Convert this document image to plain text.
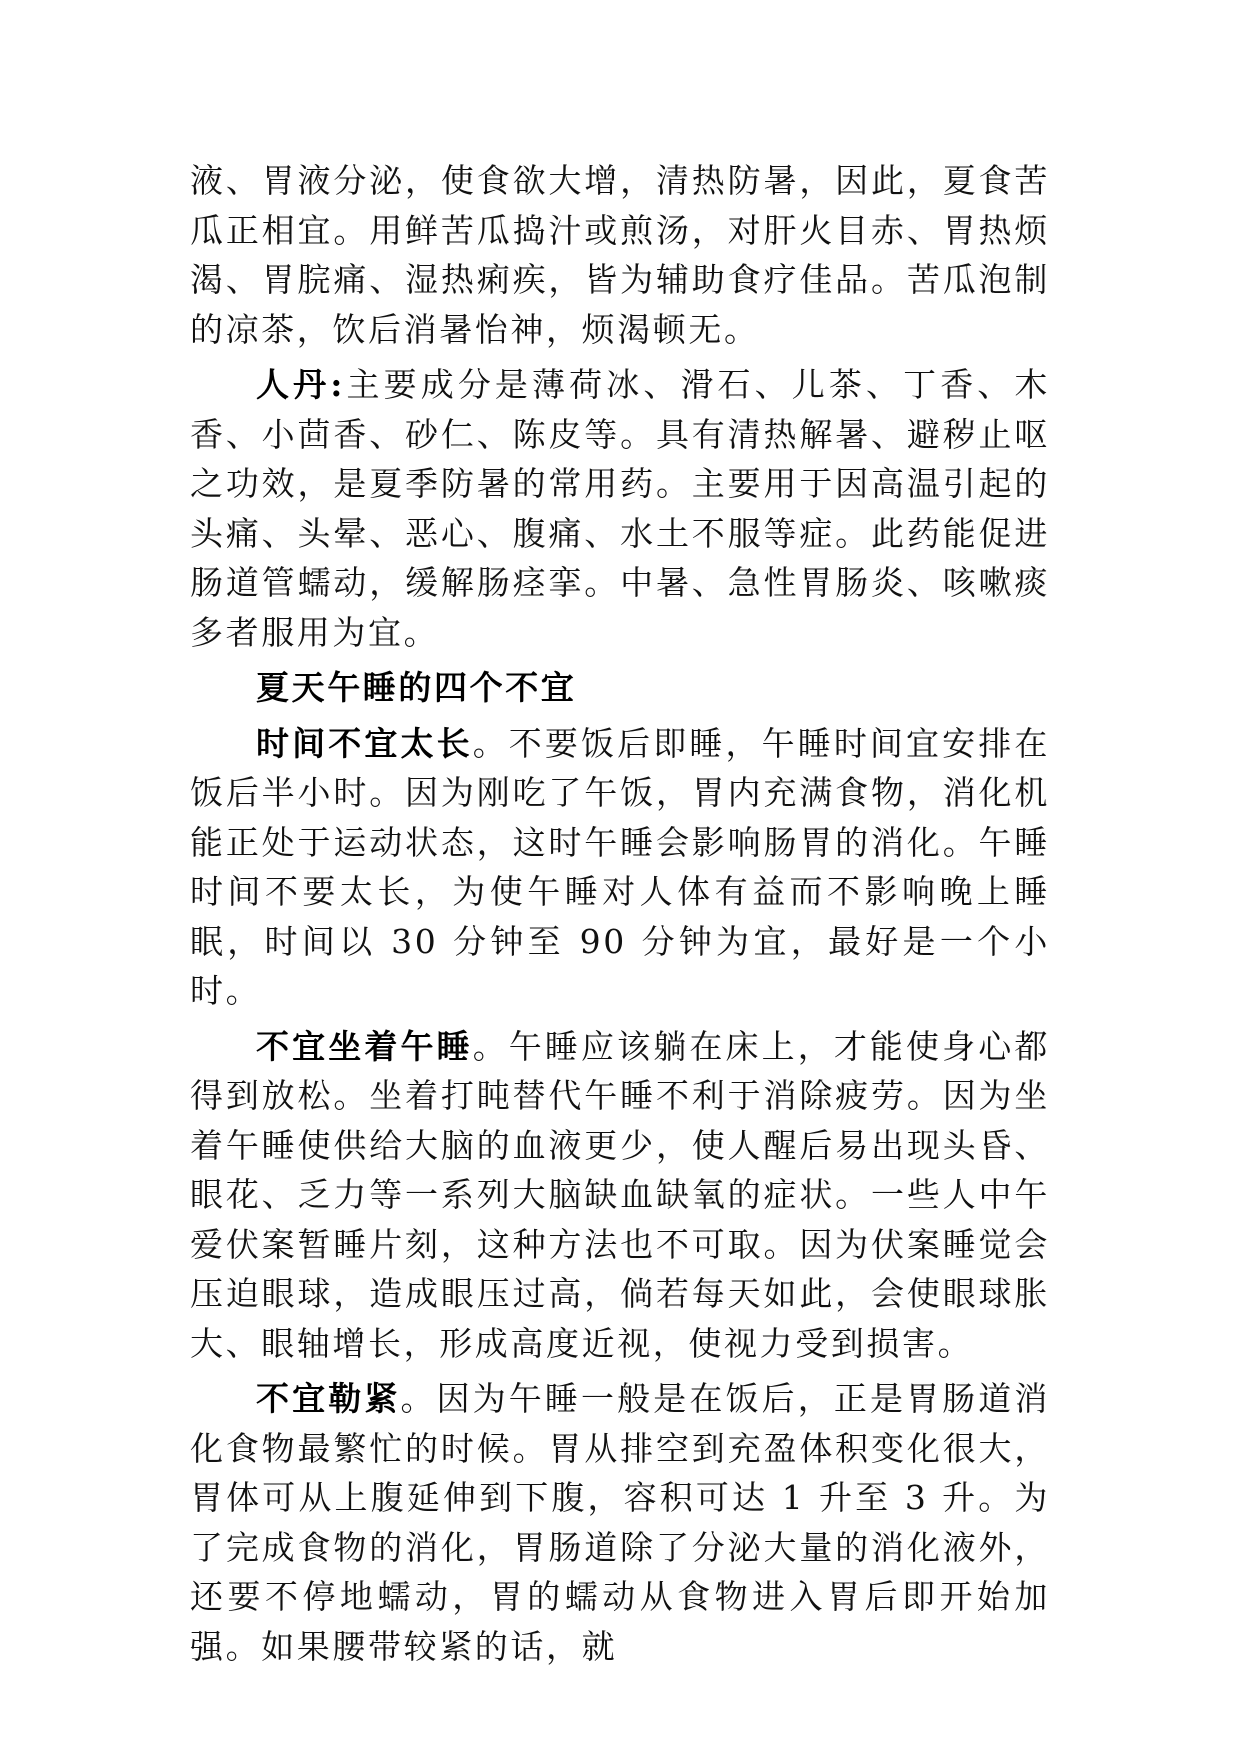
液、胃液分泌，使食欲大增，清热防暑，因此，夏食苦瓜正相宜。用鲜苦瓜捣汁或煎汤，对肝火目赤、胃热烦渴、胃脘痛、湿热痢疾，皆为辅助食疗佳品。苦瓜泡制的凉茶，饮后消暑怡神，烦渴顿无。

人丹:主要成分是薄荷冰、滑石、儿茶、丁香、木香、小茴香、砂仁、陈皮等。具有清热解暑、避秽止呕之功效，是夏季防暑的常用药。主要用于因高温引起的头痛、头晕、恶心、腹痛、水土不服等症。此药能促进肠道管蠕动，缓解肠痉挛。中暑、急性胃肠炎、咳嗽痰多者服用为宜。

夏天午睡的四个不宜

时间不宜太长。不要饭后即睡，午睡时间宜安排在饭后半小时。因为刚吃了午饭，胃内充满食物，消化机能正处于运动状态，这时午睡会影响肠胃的消化。午睡时间不要太长，为使午睡对人体有益而不影响晚上睡眠，时间以 30 分钟至 90 分钟为宜，最好是一个小时。

不宜坐着午睡。午睡应该躺在床上，才能使身心都得到放松。坐着打盹替代午睡不利于消除疲劳。因为坐着午睡使供给大脑的血液更少，使人醒后易出现头昏、眼花、乏力等一系列大脑缺血缺氧的症状。一些人中午爱伏案暂睡片刻，这种方法也不可取。因为伏案睡觉会压迫眼球，造成眼压过高，倘若每天如此，会使眼球胀大、眼轴增长，形成高度近视，使视力受到损害。

不宜勒紧。因为午睡一般是在饭后，正是胃肠道消化食物最繁忙的时候。胃从排空到充盈体积变化很大，胃体可从上腹延伸到下腹，容积可达 1 升至 3 升。为了完成食物的消化，胃肠道除了分泌大量的消化液外，还要不停地蠕动，胃的蠕动从食物进入胃后即开始加强。如果腰带较紧的话，就
